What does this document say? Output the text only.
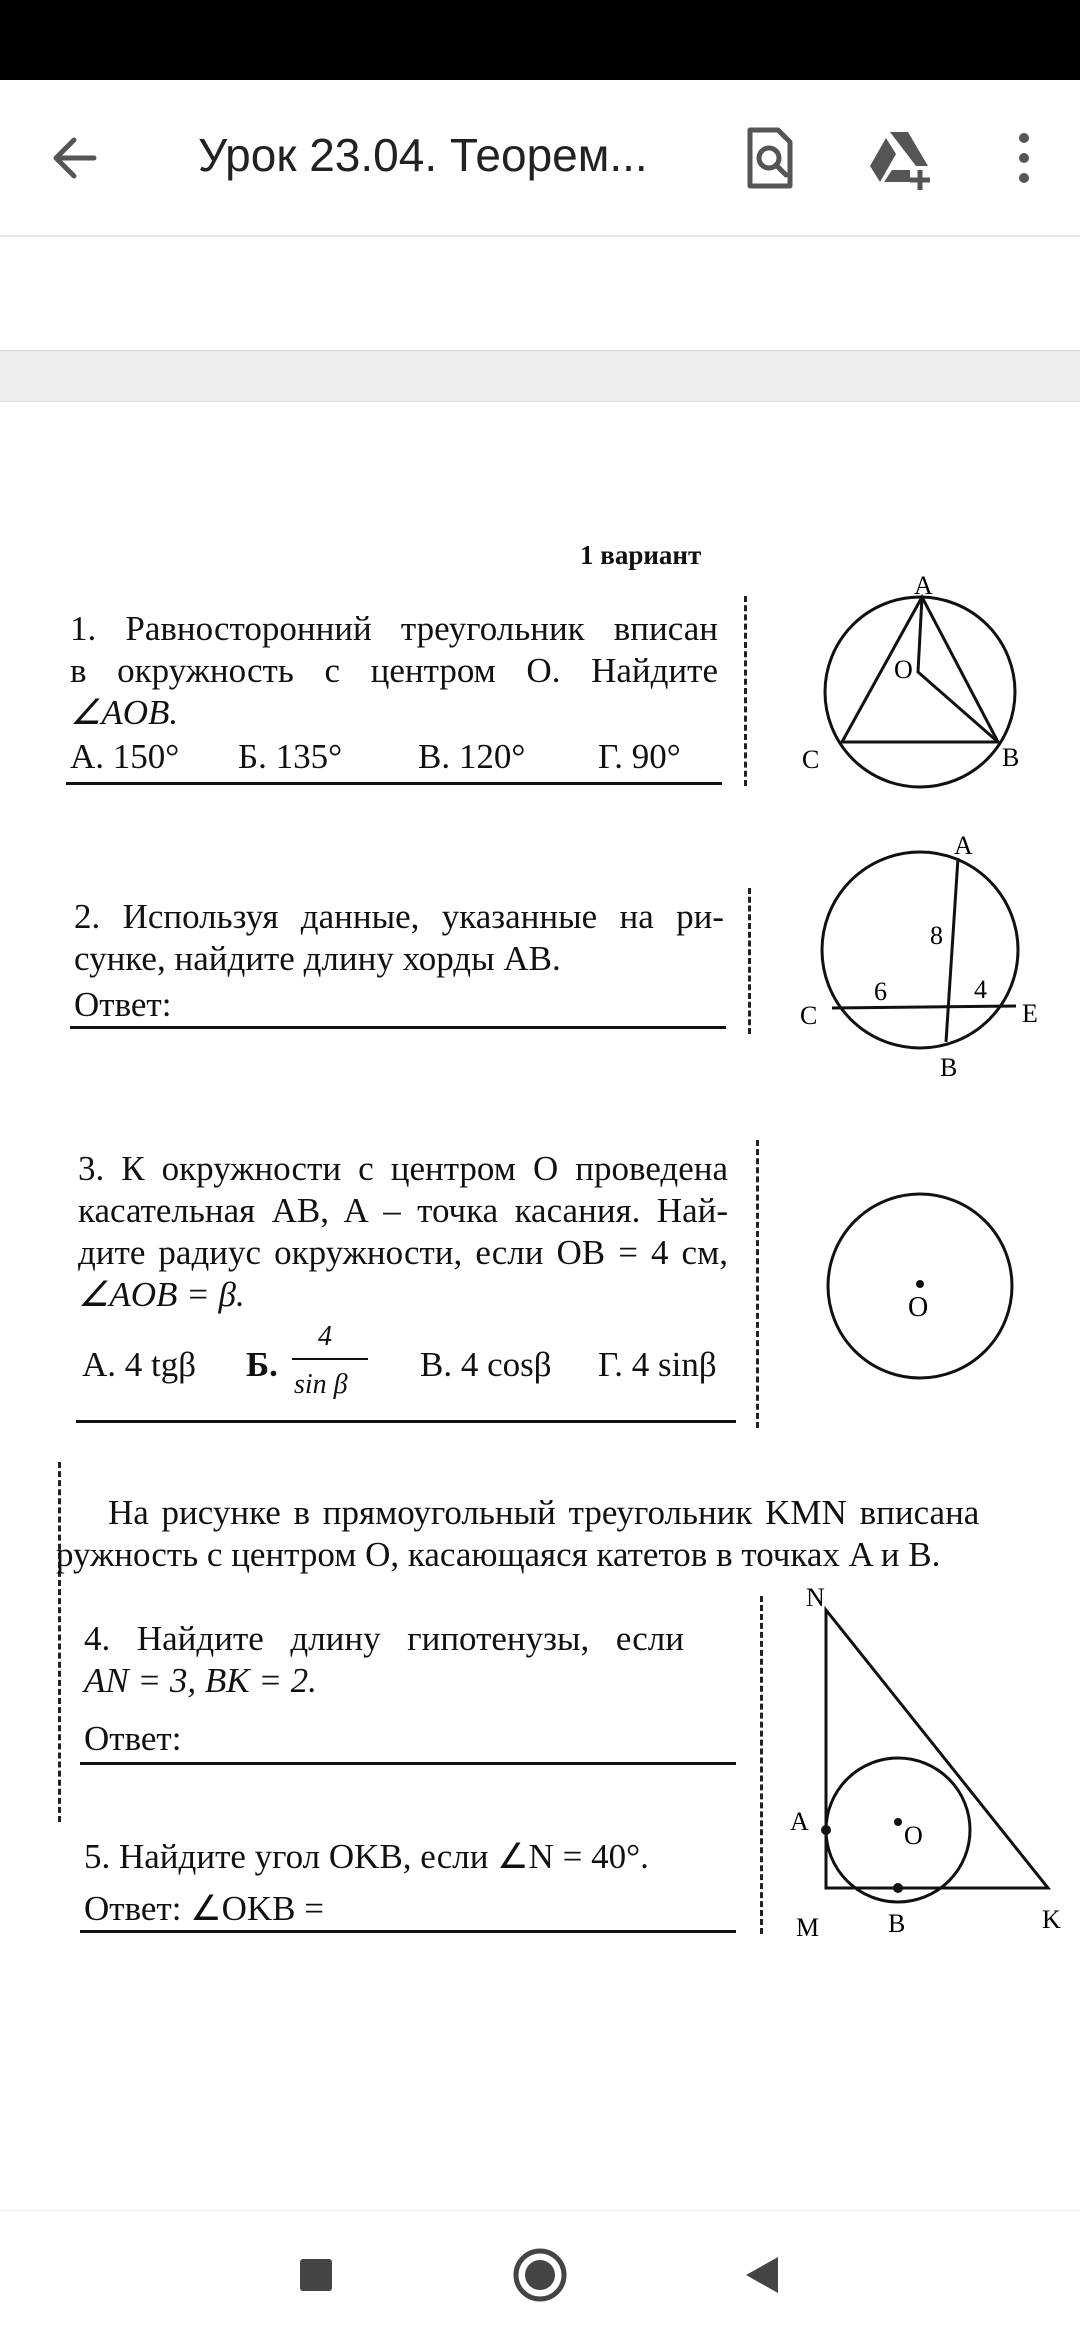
Урок 23.04. Теорем...
1 вариант
1. Равносторонний треугольник вписан
в окружность с центром O. Найдите
∠AOB.
А. 150° Б. 135° В. 120° Г. 90°
A
O
C	B
2. Используя данные, указанные на ри-
сунке, найдите длину хорды AB.
Ответ:
A
C	E
B
8
6	4
3. К окружности с центром O проведена
касательная AB, A – точка касания. Най-
дите радиус окружности, если OB = 4 см,
∠AOB = β.
А. 4 tgβ Б.
4
sin β
В. 4 cosβ Г. 4 sinβ
O
На рисунке в прямоугольный треугольник KMN вписана
ружность с центром O, касающаяся катетов в точках A и B.
4. Найдите длину гипотенузы, если
AN = 3, BK = 2.
Ответ:
5. Найдите угол OKB, если ∠N = 40°.
Ответ: ∠OKB =
N
A	O
M	B	K
